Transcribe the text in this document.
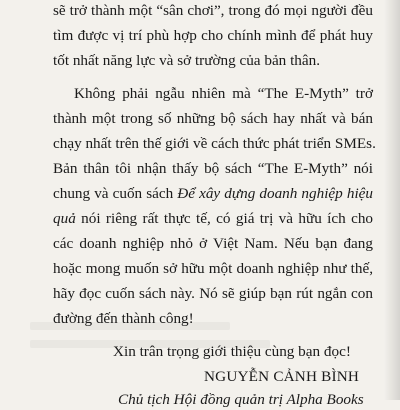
sẽ trở thành một “sân chơi”, trong đó mọi người đều
tìm được vị trí phù hợp cho chính mình để phát huy
tốt nhất năng lực và sở trường của bản thân.
Không phải ngẫu nhiên mà “The E-Myth” trở
thành một trong số những bộ sách hay nhất và bán
chạy nhất trên thế giới về cách thức phát triển SMEs.
Bản thân tôi nhận thấy bộ sách “The E-Myth” nói
chung và cuốn sách Để xây dựng doanh nghiệp hiệu
quả nói riêng rất thực tế, có giá trị và hữu ích cho
các doanh nghiệp nhỏ ở Việt Nam. Nếu bạn đang
hoặc mong muốn sở hữu một doanh nghiệp như thế,
hãy đọc cuốn sách này. Nó sẽ giúp bạn rút ngắn con
đường đến thành công!
Xin trân trọng giới thiệu cùng bạn đọc!
NGUYỄN CẢNH BÌNH
Chủ tịch Hội đồng quản trị Alpha Books
